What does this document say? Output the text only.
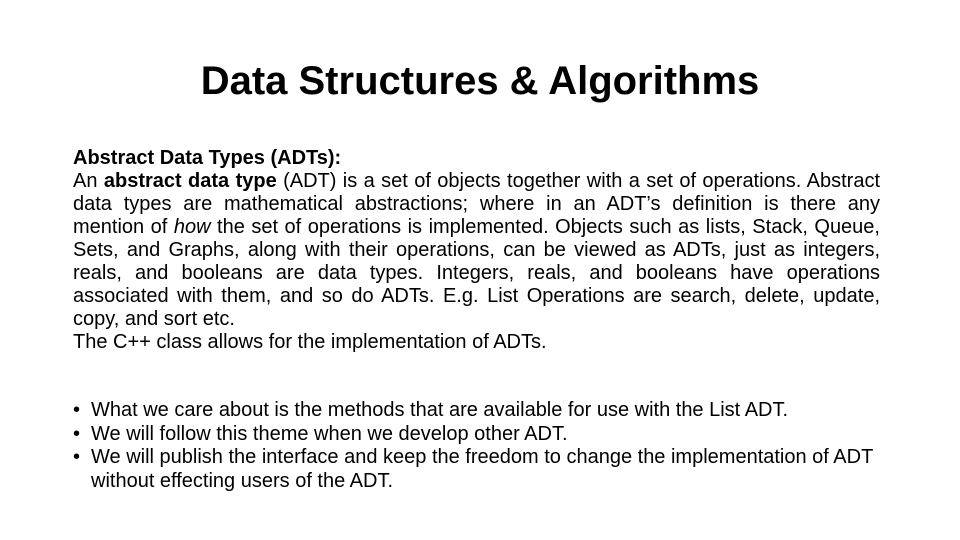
Data Structures & Algorithms
Abstract Data Types (ADTs):
An abstract data type (ADT) is a set of objects together with a set of operations. Abstract data types are mathematical abstractions; where in an ADT’s definition is there any mention of how the set of operations is implemented. Objects such as lists, Stack, Queue, Sets, and Graphs, along with their operations, can be viewed as ADTs, just as integers, reals, and booleans are data types. Integers, reals, and booleans have operations associated with them, and so do ADTs. E.g. List Operations are search, delete, update, copy, and sort etc.
The C++ class allows for the implementation of ADTs.
• What we care about is the methods that are available for use with the List ADT.
• We will follow this theme when we develop other ADT.
• We will publish the interface and keep the freedom to change the implementation of ADT without effecting users of the ADT.
